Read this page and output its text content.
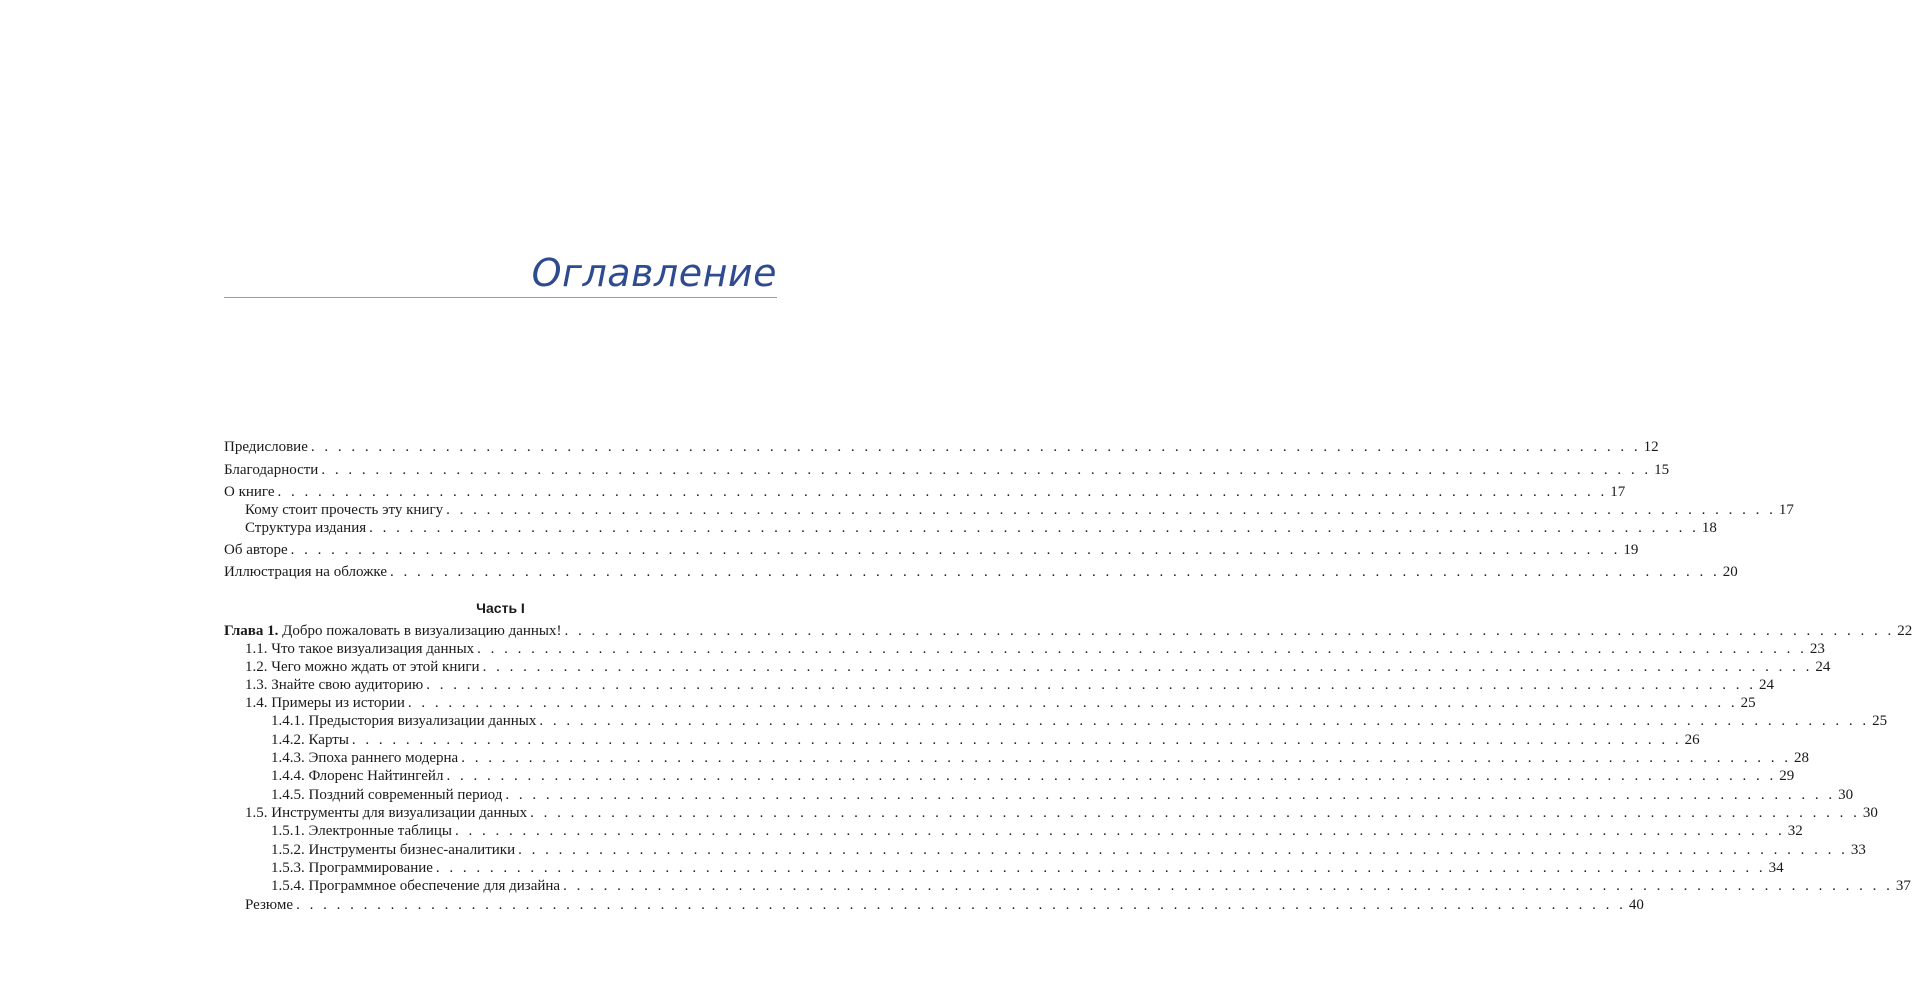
Оглавление
Предисловие . . . . . . . . . . . . . . . . . . . . . . . . . . . . . . . . . . . . . . . . . . . . . . . . . . . . . . . . . . . . . . . . . . . . . . . . . . . . . . . . . . . . . . . . . . . . . . . . . . . 12
Благодарности . . . . . . . . . . . . . . . . . . . . . . . . . . . . . . . . . . . . . . . . . . . . . . . . . . . . . . . . . . . . . . . . . . . . . . . . . . . . . . . . . . . . . . . . . . . . . . . . . . . 15
О книге . . . . . . . . . . . . . . . . . . . . . . . . . . . . . . . . . . . . . . . . . . . . . . . . . . . . . . . . . . . . . . . . . . . . . . . . . . . . . . . . . . . . . . . . . . . . . . . . . . . 17
Кому стоит прочесть эту книгу . . . . . . . . . . . . . . . . . . . . . . . . . . . . . . . . . . . . . . . . . . . . . . . . . . . . . . . . . . . . . . . . . . . . . . . . . . . . . . . . . . . . . . . . . . . . . . . . . . . 17
Структура издания . . . . . . . . . . . . . . . . . . . . . . . . . . . . . . . . . . . . . . . . . . . . . . . . . . . . . . . . . . . . . . . . . . . . . . . . . . . . . . . . . . . . . . . . . . . . . . . . . . . 18
Об авторе . . . . . . . . . . . . . . . . . . . . . . . . . . . . . . . . . . . . . . . . . . . . . . . . . . . . . . . . . . . . . . . . . . . . . . . . . . . . . . . . . . . . . . . . . . . . . . . . . . . 19
Иллюстрация на обложке . . . . . . . . . . . . . . . . . . . . . . . . . . . . . . . . . . . . . . . . . . . . . . . . . . . . . . . . . . . . . . . . . . . . . . . . . . . . . . . . . . . . . . . . . . . . . . . . . . . 20
Часть I
Глава 1. Добро пожаловать в визуализацию данных! . . . . . . . . . . . . . . . . . . . . . . . . . . . . . . . . . . . . . . . . . . . . . . . . . . . . . . . . . . . . . . . . . . . . . . . . . . . . . . . . . . . . . . . . . . . . . . . . . . . 22
1.1. Что такое визуализация данных . . . . . . . . . . . . . . . . . . . . . . . . . . . . . . . . . . . . . . . . . . . . . . . . . . . . . . . . . . . . . . . . . . . . . . . . . . . . . . . . . . . . . . . . . . . . . . . . . . . 23
1.2. Чего можно ждать от этой книги . . . . . . . . . . . . . . . . . . . . . . . . . . . . . . . . . . . . . . . . . . . . . . . . . . . . . . . . . . . . . . . . . . . . . . . . . . . . . . . . . . . . . . . . . . . . . . . . . . . 24
1.3. Знайте свою аудиторию . . . . . . . . . . . . . . . . . . . . . . . . . . . . . . . . . . . . . . . . . . . . . . . . . . . . . . . . . . . . . . . . . . . . . . . . . . . . . . . . . . . . . . . . . . . . . . . . . . . 24
1.4. Примеры из истории . . . . . . . . . . . . . . . . . . . . . . . . . . . . . . . . . . . . . . . . . . . . . . . . . . . . . . . . . . . . . . . . . . . . . . . . . . . . . . . . . . . . . . . . . . . . . . . . . . . 25
1.4.1. Предыстория визуализации данных . . . . . . . . . . . . . . . . . . . . . . . . . . . . . . . . . . . . . . . . . . . . . . . . . . . . . . . . . . . . . . . . . . . . . . . . . . . . . . . . . . . . . . . . . . . . . . . . . . . 25
1.4.2. Карты . . . . . . . . . . . . . . . . . . . . . . . . . . . . . . . . . . . . . . . . . . . . . . . . . . . . . . . . . . . . . . . . . . . . . . . . . . . . . . . . . . . . . . . . . . . . . . . . . . . 26
1.4.3. Эпоха раннего модерна . . . . . . . . . . . . . . . . . . . . . . . . . . . . . . . . . . . . . . . . . . . . . . . . . . . . . . . . . . . . . . . . . . . . . . . . . . . . . . . . . . . . . . . . . . . . . . . . . . . 28
1.4.4. Флоренс Найтингейл . . . . . . . . . . . . . . . . . . . . . . . . . . . . . . . . . . . . . . . . . . . . . . . . . . . . . . . . . . . . . . . . . . . . . . . . . . . . . . . . . . . . . . . . . . . . . . . . . . . 29
1.4.5. Поздний современный период . . . . . . . . . . . . . . . . . . . . . . . . . . . . . . . . . . . . . . . . . . . . . . . . . . . . . . . . . . . . . . . . . . . . . . . . . . . . . . . . . . . . . . . . . . . . . . . . . . . 30
1.5. Инструменты для визуализации данных . . . . . . . . . . . . . . . . . . . . . . . . . . . . . . . . . . . . . . . . . . . . . . . . . . . . . . . . . . . . . . . . . . . . . . . . . . . . . . . . . . . . . . . . . . . . . . . . . . . 30
1.5.1. Электронные таблицы . . . . . . . . . . . . . . . . . . . . . . . . . . . . . . . . . . . . . . . . . . . . . . . . . . . . . . . . . . . . . . . . . . . . . . . . . . . . . . . . . . . . . . . . . . . . . . . . . . . 32
1.5.2. Инструменты бизнес-аналитики . . . . . . . . . . . . . . . . . . . . . . . . . . . . . . . . . . . . . . . . . . . . . . . . . . . . . . . . . . . . . . . . . . . . . . . . . . . . . . . . . . . . . . . . . . . . . . . . . . . 33
1.5.3. Программирование . . . . . . . . . . . . . . . . . . . . . . . . . . . . . . . . . . . . . . . . . . . . . . . . . . . . . . . . . . . . . . . . . . . . . . . . . . . . . . . . . . . . . . . . . . . . . . . . . . . 34
1.5.4. Программное обеспечение для дизайна . . . . . . . . . . . . . . . . . . . . . . . . . . . . . . . . . . . . . . . . . . . . . . . . . . . . . . . . . . . . . . . . . . . . . . . . . . . . . . . . . . . . . . . . . . . . . . . . . . . 37
Резюме . . . . . . . . . . . . . . . . . . . . . . . . . . . . . . . . . . . . . . . . . . . . . . . . . . . . . . . . . . . . . . . . . . . . . . . . . . . . . . . . . . . . . . . . . . . . . . . . . . . 40
